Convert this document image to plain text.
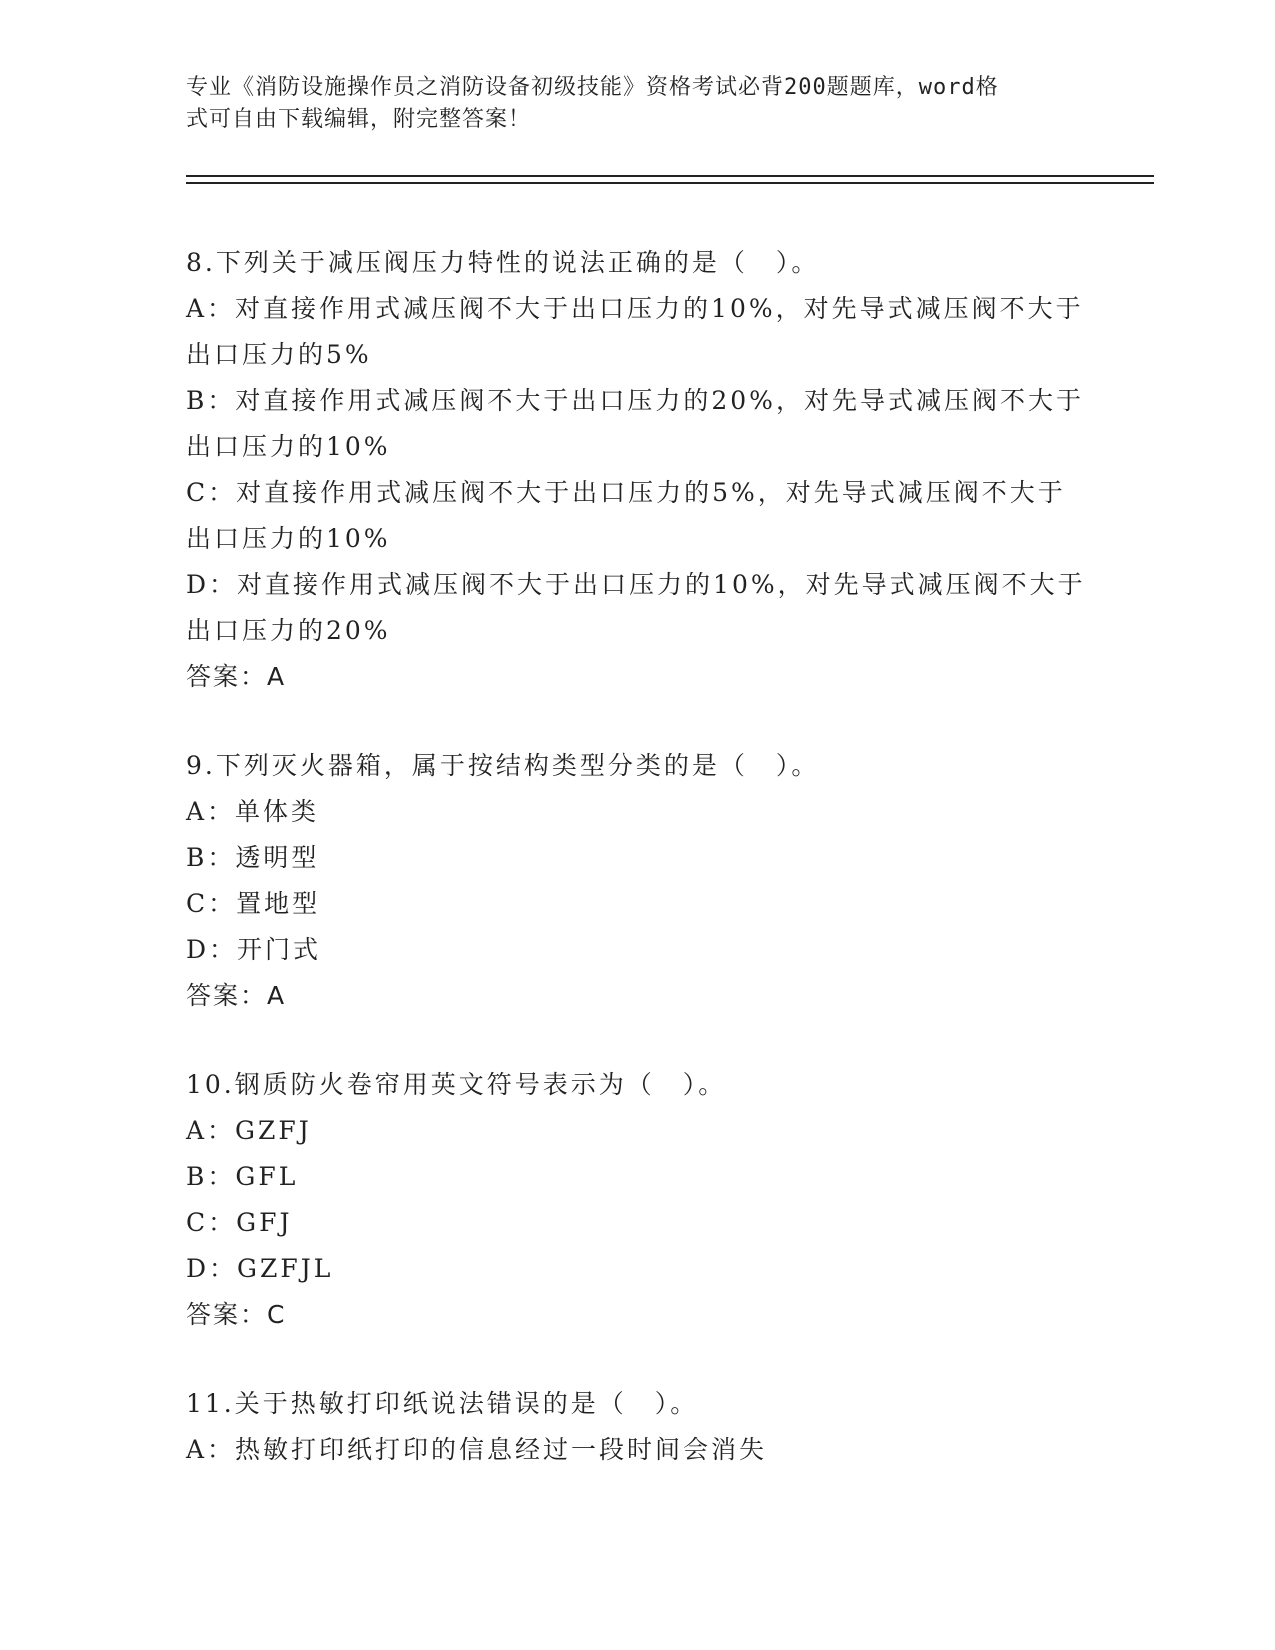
专业《消防设施操作员之消防设备初级技能》资格考试必背200题题库，word格

式可自由下载编辑，附完整答案！

8.下列关于减压阀压力特性的说法正确的是（　）。
A：对直接作用式减压阀不大于出口压力的10%，对先导式减压阀不大于出口压力的5%
B：对直接作用式减压阀不大于出口压力的20%，对先导式减压阀不大于出口压力的10%
C：对直接作用式减压阀不大于出口压力的5%，对先导式减压阀不大于出口压力的10%
D：对直接作用式减压阀不大于出口压力的10%，对先导式减压阀不大于出口压力的20%
答案：A
9.下列灭火器箱，属于按结构类型分类的是（　）。
A：单体类
B：透明型
C：置地型
D：开门式
答案：A
10.钢质防火卷帘用英文符号表示为（　）。
A：GZFJ
B：GFL
C：GFJ
D：GZFJL
答案：C
11.关于热敏打印纸说法错误的是（　）。
A：热敏打印纸打印的信息经过一段时间会消失
